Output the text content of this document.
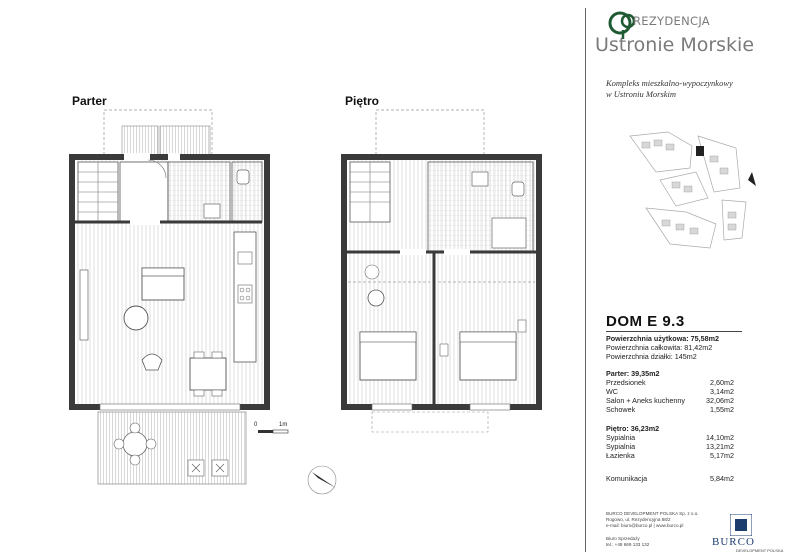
Parter	Piętro
0	1m
REZYDENCJA
Ustronie Morskie
Kompleks mieszkalno-wypoczynkowy
w Ustroniu Morskim
DOM E 9.3
Powierzchnia użytkowa: 75,58m2
Powierzchnia całkowita: 81,42m2
Powierzchnia działki: 145m2
Parter: 39,35m2
Przedsionek	2,60m2
WC	3,14m2
Salon + Aneks kuchenny	32,06m2
Schowek	1,55m2
Piętro: 36,23m2
Sypialnia	14,10m2
Sypialnia	13,21m2
Łazienka	5,17m2
Komunikacja	5,84m2
BURCO DEVELOPMENT POLSKA Sp. z o.o.
Rogowo, ul. Rezydencyjna 88/2
e-mail: biuro@burco.pl | www.burco.pl
Biuro Sprzedaży
tel.: +48 669 133 132	BURCO
DEVELOPMENT POLSKA
